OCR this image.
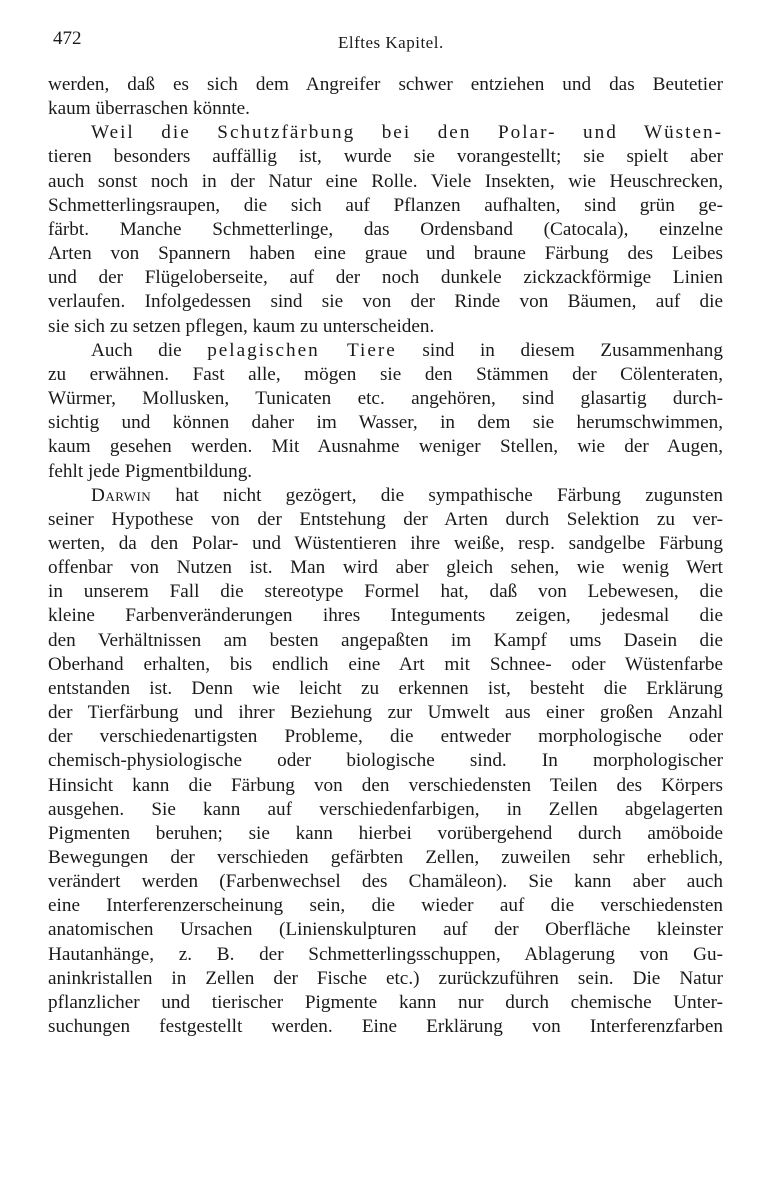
472	Elftes Kapitel.

werden, daß es sich dem Angreifer schwer entziehen und das Beutetier

kaum überraschen könnte.

Weil die Schutzfärbung bei den Polar- und Wüsten-

tieren besonders auffällig ist, wurde sie vorangestellt; sie spielt aber

auch sonst noch in der Natur eine Rolle. Viele Insekten, wie Heuschrecken,

Schmetterlingsraupen, die sich auf Pflanzen aufhalten, sind grün ge-

färbt. Manche Schmetterlinge, das Ordensband (Catocala), einzelne

Arten von Spannern haben eine graue und braune Färbung des Leibes

und der Flügeloberseite, auf der noch dunkele zickzackförmige Linien

verlaufen. Infolgedessen sind sie von der Rinde von Bäumen, auf die

sie sich zu setzen pflegen, kaum zu unterscheiden.

Auch die pelagischen Tiere sind in diesem Zusammenhang

zu erwähnen. Fast alle, mögen sie den Stämmen der Cölenteraten,

Würmer, Mollusken, Tunicaten etc. angehören, sind glasartig durch-

sichtig und können daher im Wasser, in dem sie herumschwimmen,

kaum gesehen werden. Mit Ausnahme weniger Stellen, wie der Augen,

fehlt jede Pigmentbildung.

Darwin hat nicht gezögert, die sympathische Färbung zugunsten

seiner Hypothese von der Entstehung der Arten durch Selektion zu ver-

werten, da den Polar- und Wüstentieren ihre weiße, resp. sandgelbe Färbung

offenbar von Nutzen ist. Man wird aber gleich sehen, wie wenig Wert

in unserem Fall die stereotype Formel hat, daß von Lebewesen, die

kleine Farbenveränderungen ihres Integuments zeigen, jedesmal die

den Verhältnissen am besten angepaßten im Kampf ums Dasein die

Oberhand erhalten, bis endlich eine Art mit Schnee- oder Wüstenfarbe

entstanden ist. Denn wie leicht zu erkennen ist, besteht die Erklärung

der Tierfärbung und ihrer Beziehung zur Umwelt aus einer großen Anzahl

der verschiedenartigsten Probleme, die entweder morphologische oder

chemisch-physiologische oder biologische sind. In morphologischer

Hinsicht kann die Färbung von den verschiedensten Teilen des Körpers

ausgehen. Sie kann auf verschiedenfarbigen, in Zellen abgelagerten

Pigmenten beruhen; sie kann hierbei vorübergehend durch amöboide

Bewegungen der verschieden gefärbten Zellen, zuweilen sehr erheblich,

verändert werden (Farbenwechsel des Chamäleon). Sie kann aber auch

eine Interferenzerscheinung sein, die wieder auf die verschiedensten

anatomischen Ursachen (Linienskulpturen auf der Oberfläche kleinster

Hautanhänge, z. B. der Schmetterlingsschuppen, Ablagerung von Gu-

aninkristallen in Zellen der Fische etc.) zurückzuführen sein. Die Natur

pflanzlicher und tierischer Pigmente kann nur durch chemische Unter-

suchungen festgestellt werden. Eine Erklärung von Interferenzfarben
